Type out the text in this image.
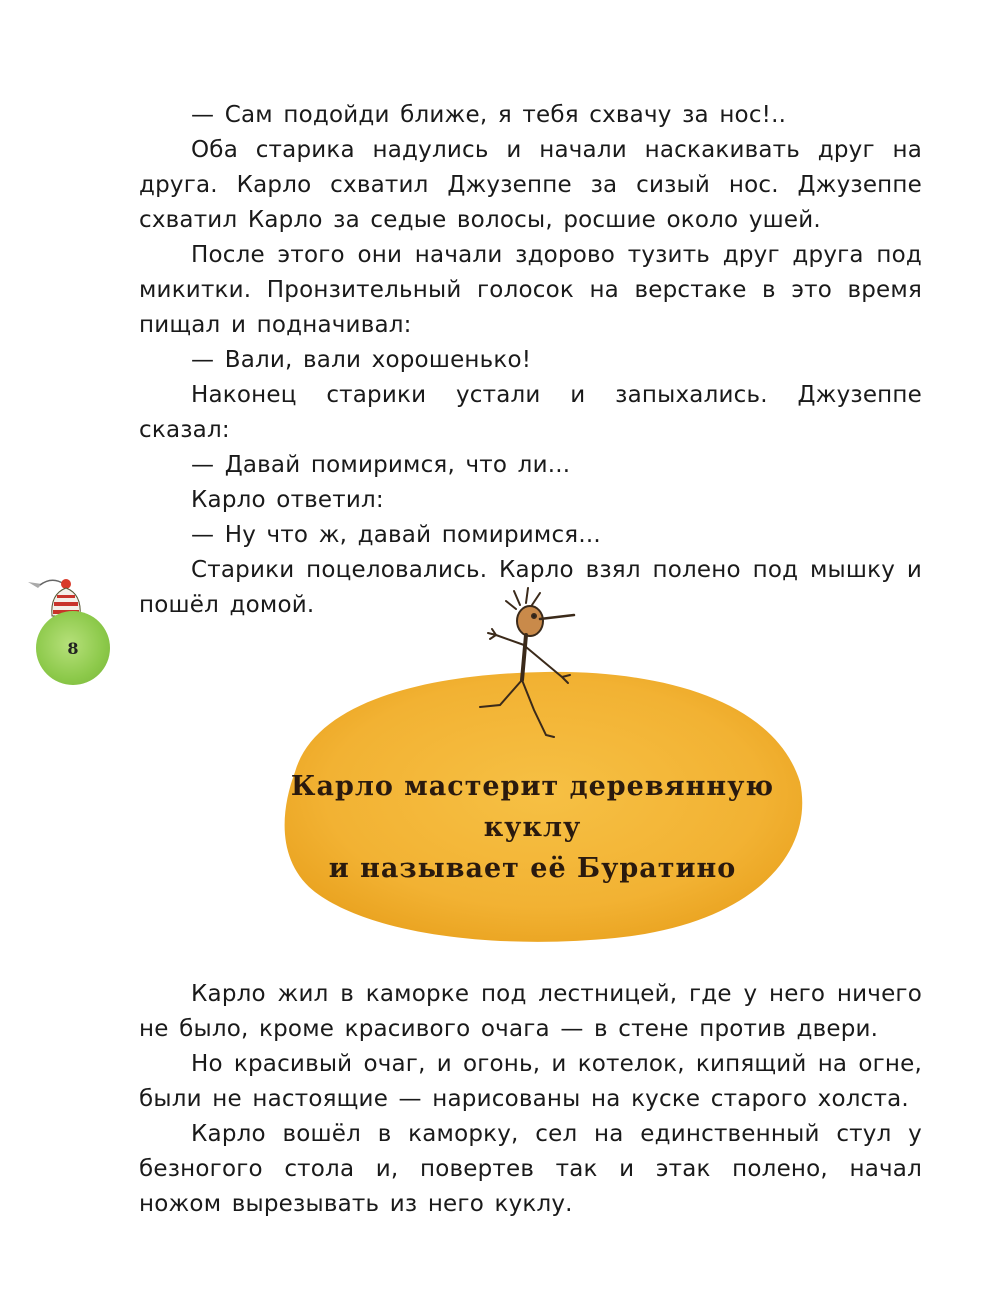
— Сам подойди ближе, я тебя схвачу за нос!..

Оба старика надулись и начали наскакивать друг на друга. Карло схватил Джузеппе за сизый нос. Джузеппе схватил Карло за седые волосы, росшие около ушей.

После этого они начали здорово тузить друг друга под микитки. Пронзительный голосок на верстаке в это время пищал и подначивал:

— Вали, вали хорошенько!

Наконец старики устали и запыхались. Джузеппе сказал:

— Давай помиримся, что ли...

Карло ответил:

— Ну что ж, давай помиримся...

Старики поцеловались. Карло взял полено под мышку и пошёл домой.

8
Карло мастерит деревянную куклу
и называет её Буратино

Карло жил в каморке под лестницей, где у него ничего не было, кроме красивого очага — в стене против двери.

Но красивый очаг, и огонь, и котелок, кипящий на огне, были не настоящие — нарисованы на куске старого холста.

Карло вошёл в каморку, сел на единственный стул у безногого стола и, повертев так и этак полено, начал ножом вырезывать из него куклу.
